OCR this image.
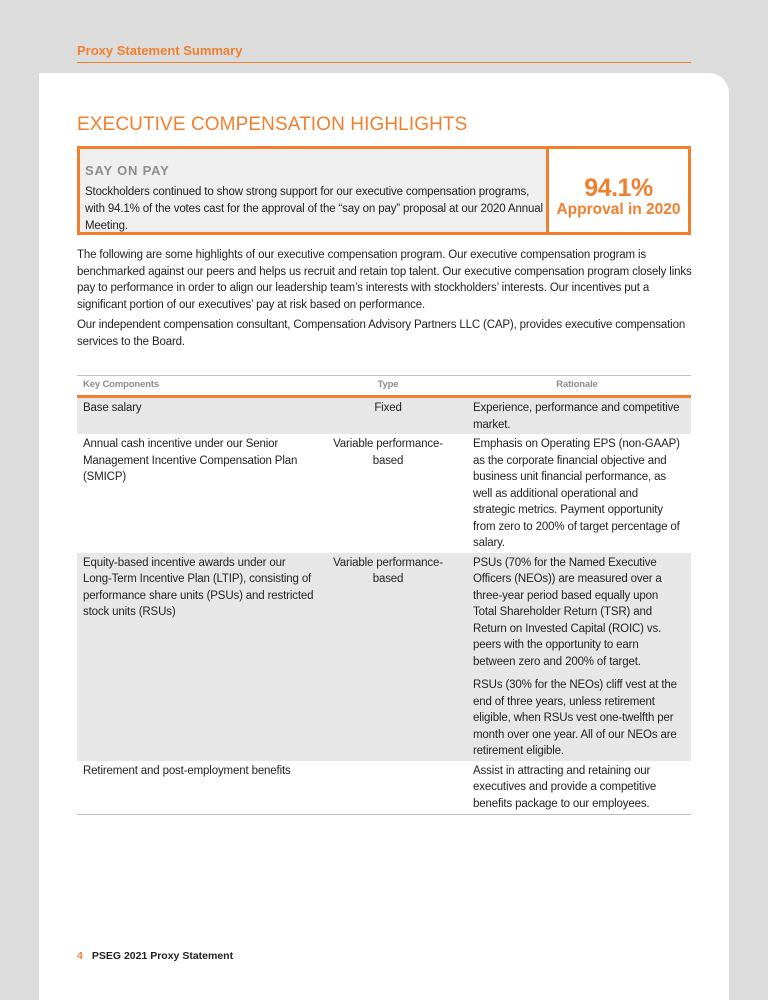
Proxy Statement Summary
EXECUTIVE COMPENSATION HIGHLIGHTS
SAY ON PAY
Stockholders continued to show strong support for our executive compensation programs, with 94.1% of the votes cast for the approval of the “say on pay” proposal at our 2020 Annual Meeting.
94.1%
Approval in 2020
The following are some highlights of our executive compensation program. Our executive compensation program is benchmarked against our peers and helps us recruit and retain top talent. Our executive compensation program closely links pay to performance in order to align our leadership team’s interests with stockholders’ interests. Our incentives put a significant portion of our executives’ pay at risk based on performance.
Our independent compensation consultant, Compensation Advisory Partners LLC (CAP), provides executive compensation services to the Board.
Key Components	Type	Rationale
Base salary	Fixed	Experience, performance and competitive market.
Annual cash incentive under our Senior Management Incentive Compensation Plan (SMICP)	Variable performance-based	Emphasis on Operating EPS (non-GAAP) as the corporate financial objective and business unit financial performance, as well as additional operational and strategic metrics. Payment opportunity from zero to 200% of target percentage of salary.
Equity-based incentive awards under our Long-Term Incentive Plan (LTIP), consisting of performance share units (PSUs) and restricted stock units (RSUs)	Variable performance-based	PSUs (70% for the Named Executive Officers (NEOs)) are measured over a three-year period based equally upon Total Shareholder Return (TSR) and Return on Invested Capital (ROIC) vs. peers with the opportunity to earn between zero and 200% of target.
RSUs (30% for the NEOs) cliff vest at the end of three years, unless retirement eligible, when RSUs vest one-twelfth per month over one year. All of our NEOs are retirement eligible.

Retirement and post-employment benefits		Assist in attracting and retaining our executives and provide a competitive benefits package to our employees.
4 PSEG 2021 Proxy Statement
